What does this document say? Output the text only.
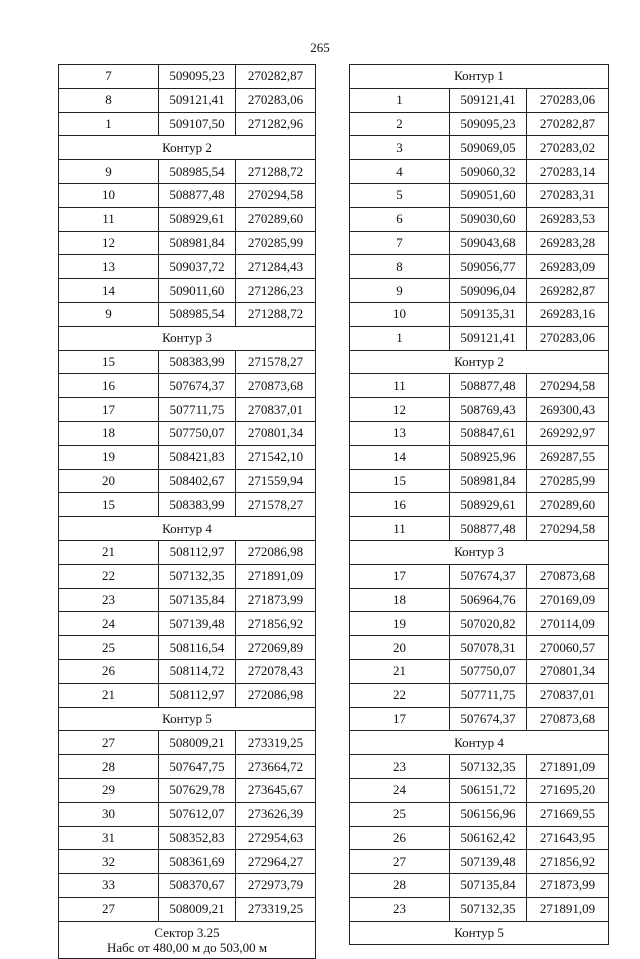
265
7	509095,23	270282,87
8	509121,41	270283,06
1	509107,50	271282,96
Контур 2		
9	508985,54	271288,72
10	508877,48	270294,58
11	508929,61	270289,60
12	508981,84	270285,99
13	509037,72	271284,43
14	509011,60	271286,23
9	508985,54	271288,72
Контур 3		
15	508383,99	271578,27
16	507674,37	270873,68
17	507711,75	270837,01
18	507750,07	270801,34
19	508421,83	271542,10
20	508402,67	271559,94
15	508383,99	271578,27
Контур 4		
21	508112,97	272086,98
22	507132,35	271891,09
23	507135,84	271873,99
24	507139,48	271856,92
25	508116,54	272069,89
26	508114,72	272078,43
21	508112,97	272086,98
Контур 5		
27	508009,21	273319,25
28	507647,75	273664,72
29	507629,78	273645,67
30	507612,07	273626,39
31	508352,83	272954,63
32	508361,69	272964,27
33	508370,67	272973,79
27	508009,21	273319,25

Сектор 3.25
Набс от 480,00 м до 503,00 м		
Контур 1		
1	509121,41	270283,06
2	509095,23	270282,87
3	509069,05	270283,02
4	509060,32	270283,14
5	509051,60	270283,31
6	509030,60	269283,53
7	509043,68	269283,28
8	509056,77	269283,09
9	509096,04	269282,87
10	509135,31	269283,16
1	509121,41	270283,06
Контур 2		
11	508877,48	270294,58
12	508769,43	269300,43
13	508847,61	269292,97
14	508925,96	269287,55
15	508981,84	270285,99
16	508929,61	270289,60
11	508877,48	270294,58
Контур 3		
17	507674,37	270873,68
18	506964,76	270169,09
19	507020,82	270114,09
20	507078,31	270060,57
21	507750,07	270801,34
22	507711,75	270837,01
17	507674,37	270873,68
Контур 4		
23	507132,35	271891,09
24	506151,72	271695,20
25	506156,96	271669,55
26	506162,42	271643,95
27	507139,48	271856,92
28	507135,84	271873,99
23	507132,35	271891,09
Контур 5		
